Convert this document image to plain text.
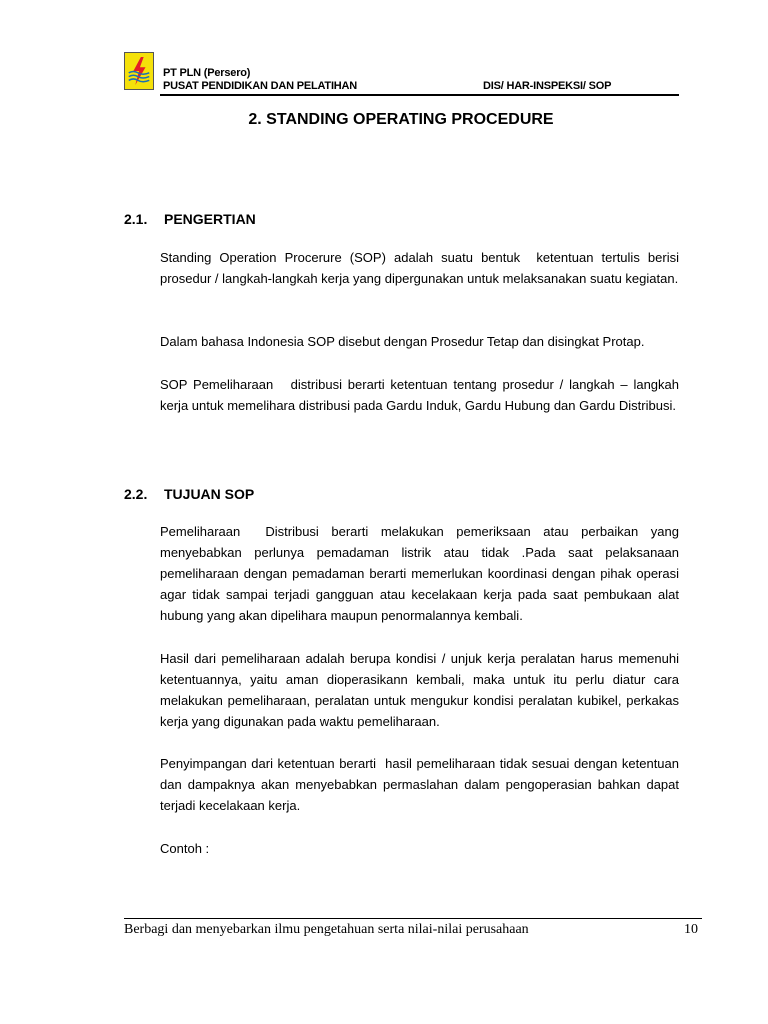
PT PLN (Persero)
PUSAT PENDIDIKAN DAN PELATIHAN	DIS/ HAR-INSPEKSI/ SOP
2. STANDING OPERATING PROCEDURE
2.1. PENGERTIAN

Standing Operation Procerure (SOP) adalah suatu bentuk  ketentuan tertulis berisi prosedur / langkah-langkah kerja yang dipergunakan untuk melaksanakan suatu kegiatan.

Dalam bahasa Indonesia SOP disebut dengan Prosedur Tetap dan disingkat Protap.

SOP Pemeliharaan   distribusi berarti ketentuan tentang prosedur / langkah – langkah kerja untuk memelihara distribusi pada Gardu Induk, Gardu Hubung dan Gardu Distribusi.

2.2. TUJUAN SOP

Pemeliharaan  Distribusi berarti melakukan pemeriksaan atau perbaikan yang menyebabkan perlunya pemadaman listrik atau tidak .Pada saat pelaksanaan pemeliharaan dengan pemadaman berarti memerlukan koordinasi dengan pihak operasi agar tidak sampai terjadi gangguan atau kecelakaan kerja pada saat pembukaan alat hubung yang akan dipelihara maupun penormalannya kembali.

Hasil dari pemeliharaan adalah berupa kondisi / unjuk kerja peralatan harus memenuhi ketentuannya, yaitu aman dioperasikann kembali, maka untuk itu perlu diatur cara melakukan pemeliharaan, peralatan untuk mengukur kondisi peralatan kubikel, perkakas kerja yang digunakan pada waktu pemeliharaan.

Penyimpangan dari ketentuan berarti  hasil pemeliharaan tidak sesuai dengan ketentuan dan dampaknya akan menyebabkan permaslahan dalam pengoperasian bahkan dapat terjadi kecelakaan kerja.

Contoh :

Berbagi dan menyebarkan ilmu pengetahuan serta nilai-nilai perusahaan	10
